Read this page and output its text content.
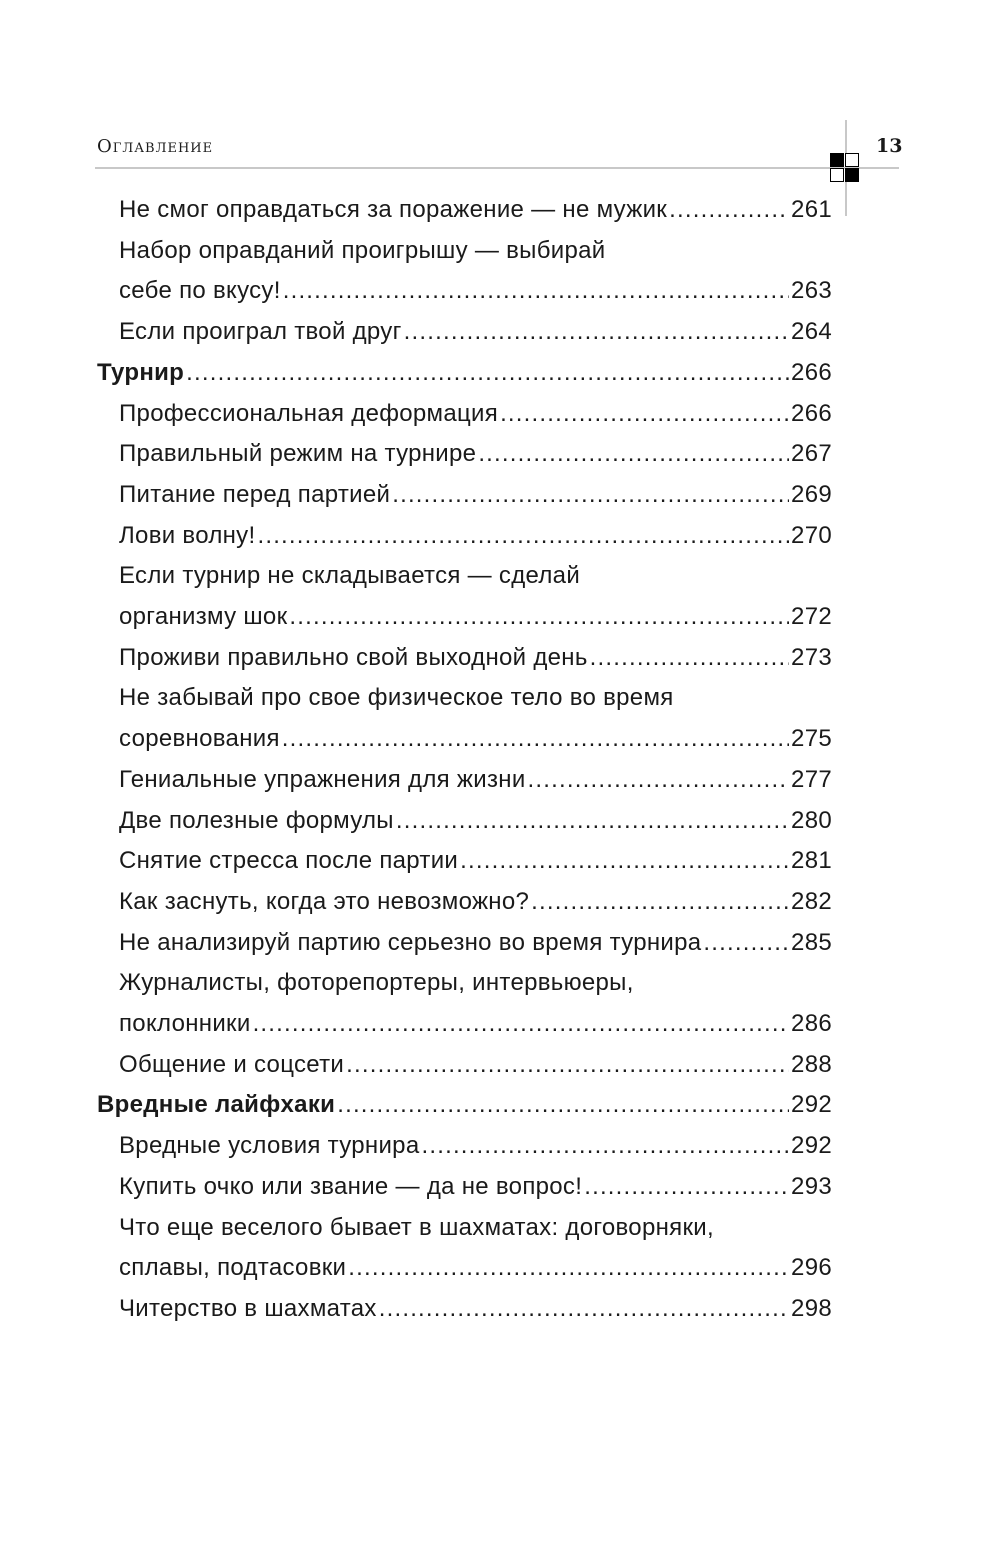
Оглавление	13
Не смог оправдаться за поражение — не мужик .....	261
Набор оправданий проигрышу — выбирай
себе по вкусу! .....	263
Если проиграл твой друг .....	264
Турнир .....	266
Профессиональная деформация .....	266
Правильный режим на турнире .....	267
Питание перед партией .....	269
Лови волну! .....	270
Если турнир не складывается — сделай
организму шок .....	272
Проживи правильно свой выходной день .....	273
Не забывай про свое физическое тело во время
соревнования .....	275
Гениальные упражнения для жизни .....	277
Две полезные формулы .....	280
Снятие стресса после партии .....	281
Как заснуть, когда это невозможно? .....	282
Не анализируй партию серьезно во время турнира .....	285
Журналисты, фоторепортеры, интервьюеры,
поклонники .....	286
Общение и соцсети .....	288
Вредные лайфхаки .....	292
Вредные условия турнира .....	292
Купить очко или звание — да не вопрос! .....	293
Что еще веселого бывает в шахматах: договорняки,
сплавы, подтасовки .....	296
Читерство в шахматах .....	298
